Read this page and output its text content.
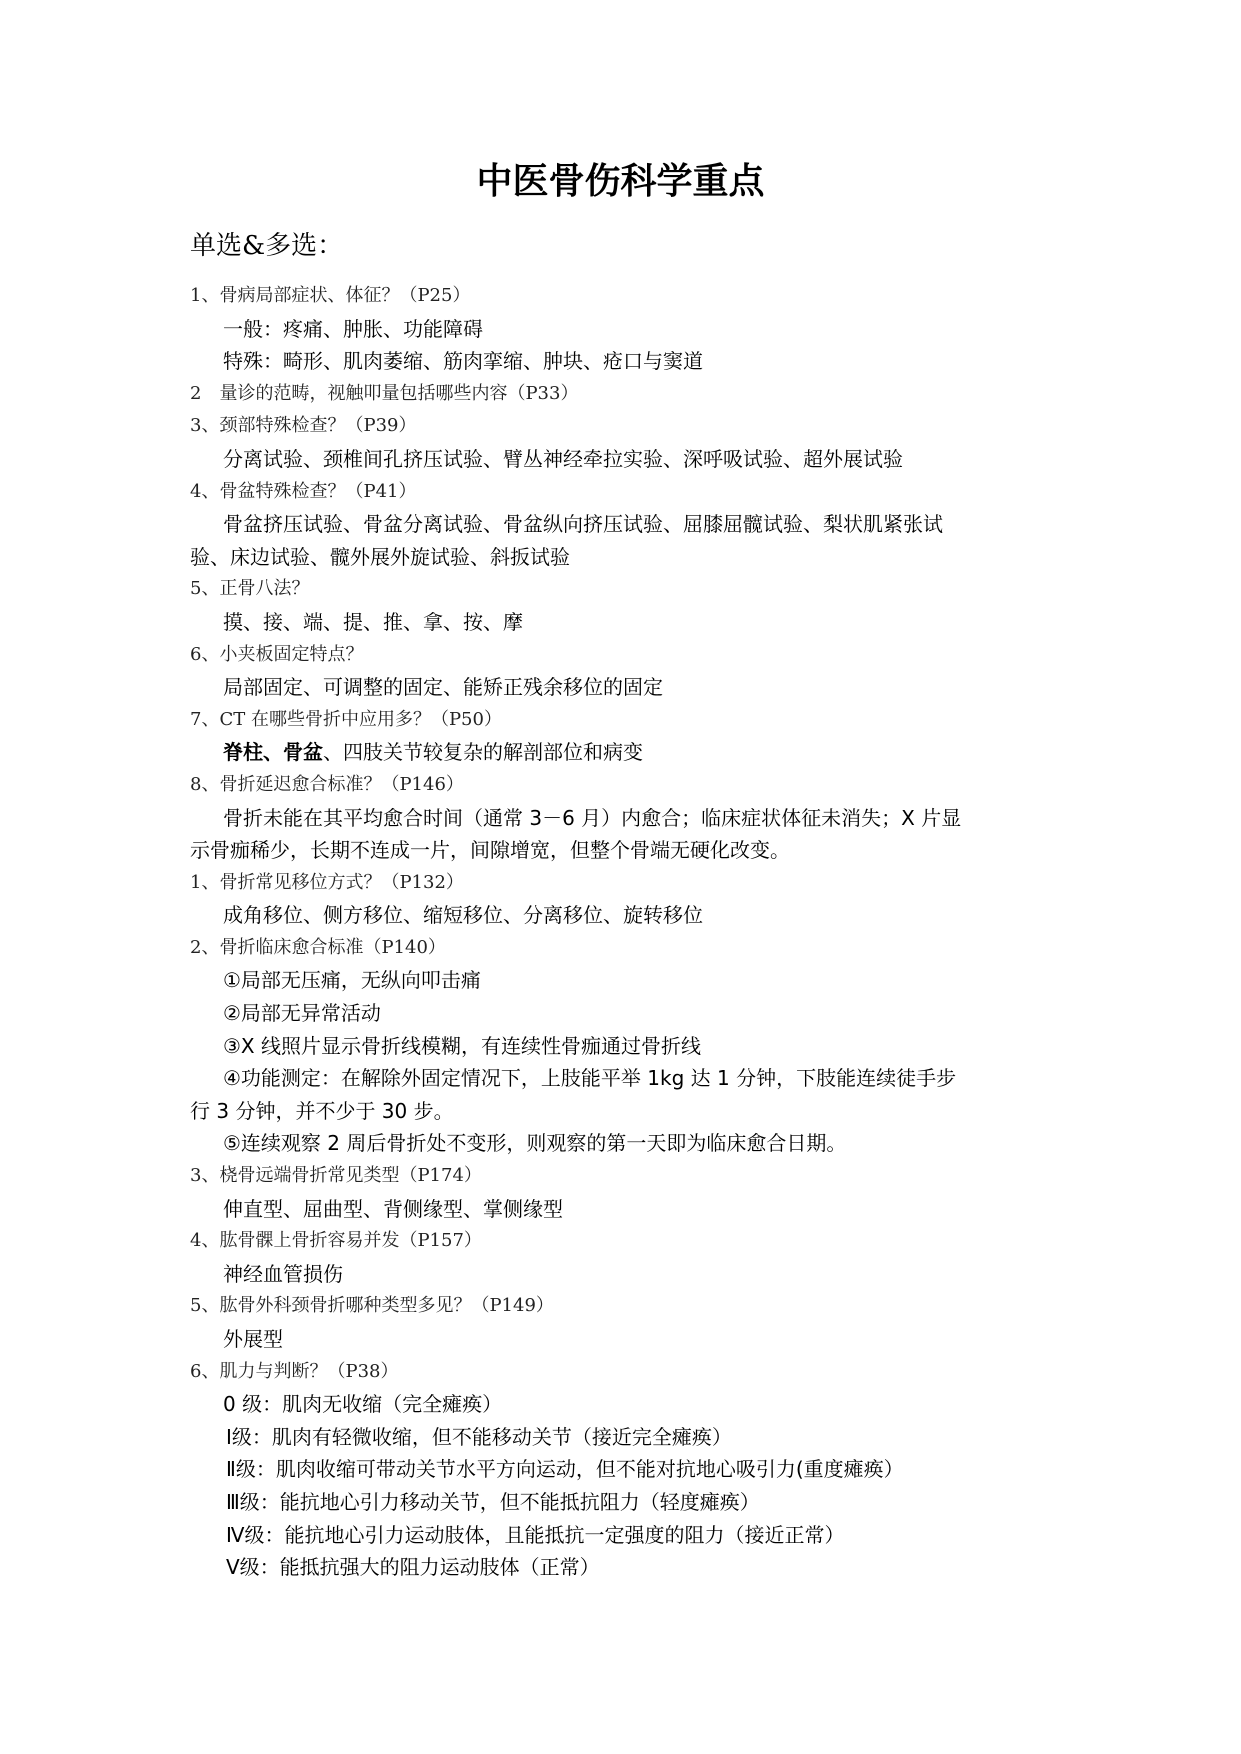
中医骨伤科学重点
单选&多选：
1、骨病局部症状、体征？（P25）
一般：疼痛、肿胀、功能障碍
特殊：畸形、肌肉萎缩、筋肉挛缩、肿块、疮口与窦道
2　量诊的范畴，视触叩量包括哪些内容（P33）
3、颈部特殊检查？（P39）
分离试验、颈椎间孔挤压试验、臂丛神经牵拉实验、深呼吸试验、超外展试验
4、骨盆特殊检查？（P41）
骨盆挤压试验、骨盆分离试验、骨盆纵向挤压试验、屈膝屈髋试验、梨状肌紧张试
验、床边试验、髋外展外旋试验、斜扳试验
5、正骨八法？
摸、接、端、提、推、拿、按、摩
6、小夹板固定特点？
局部固定、可调整的固定、能矫正残余移位的固定
7、CT 在哪些骨折中应用多？（P50）
脊柱、骨盆、四肢关节较复杂的解剖部位和病变
8、骨折延迟愈合标准？（P146）
骨折未能在其平均愈合时间（通常 3－6 月）内愈合；临床症状体征未消失；X 片显
示骨痂稀少，长期不连成一片，间隙增宽，但整个骨端无硬化改变。
1、骨折常见移位方式？（P132）
成角移位、侧方移位、缩短移位、分离移位、旋转移位
2、骨折临床愈合标准（P140）
①局部无压痛，无纵向叩击痛
②局部无异常活动
③X 线照片显示骨折线模糊，有连续性骨痂通过骨折线
④功能测定：在解除外固定情况下，上肢能平举 1kg 达 1 分钟，下肢能连续徒手步
行 3 分钟，并不少于 30 步。
⑤连续观察 2 周后骨折处不变形，则观察的第一天即为临床愈合日期。
3、桡骨远端骨折常见类型（P174）
伸直型、屈曲型、背侧缘型、掌侧缘型
4、肱骨髁上骨折容易并发（P157）
神经血管损伤
5、肱骨外科颈骨折哪种类型多见？（P149）
外展型
6、肌力与判断？（P38）
0 级：肌肉无收缩（完全瘫痪）
Ⅰ级：肌肉有轻微收缩，但不能移动关节（接近完全瘫痪）
Ⅱ级：肌肉收缩可带动关节水平方向运动，但不能对抗地心吸引力(重度瘫痪）
Ⅲ级：能抗地心引力移动关节，但不能抵抗阻力（轻度瘫痪）
Ⅳ级：能抗地心引力运动肢体，且能抵抗一定强度的阻力（接近正常）
Ⅴ级：能抵抗强大的阻力运动肢体（正常）
